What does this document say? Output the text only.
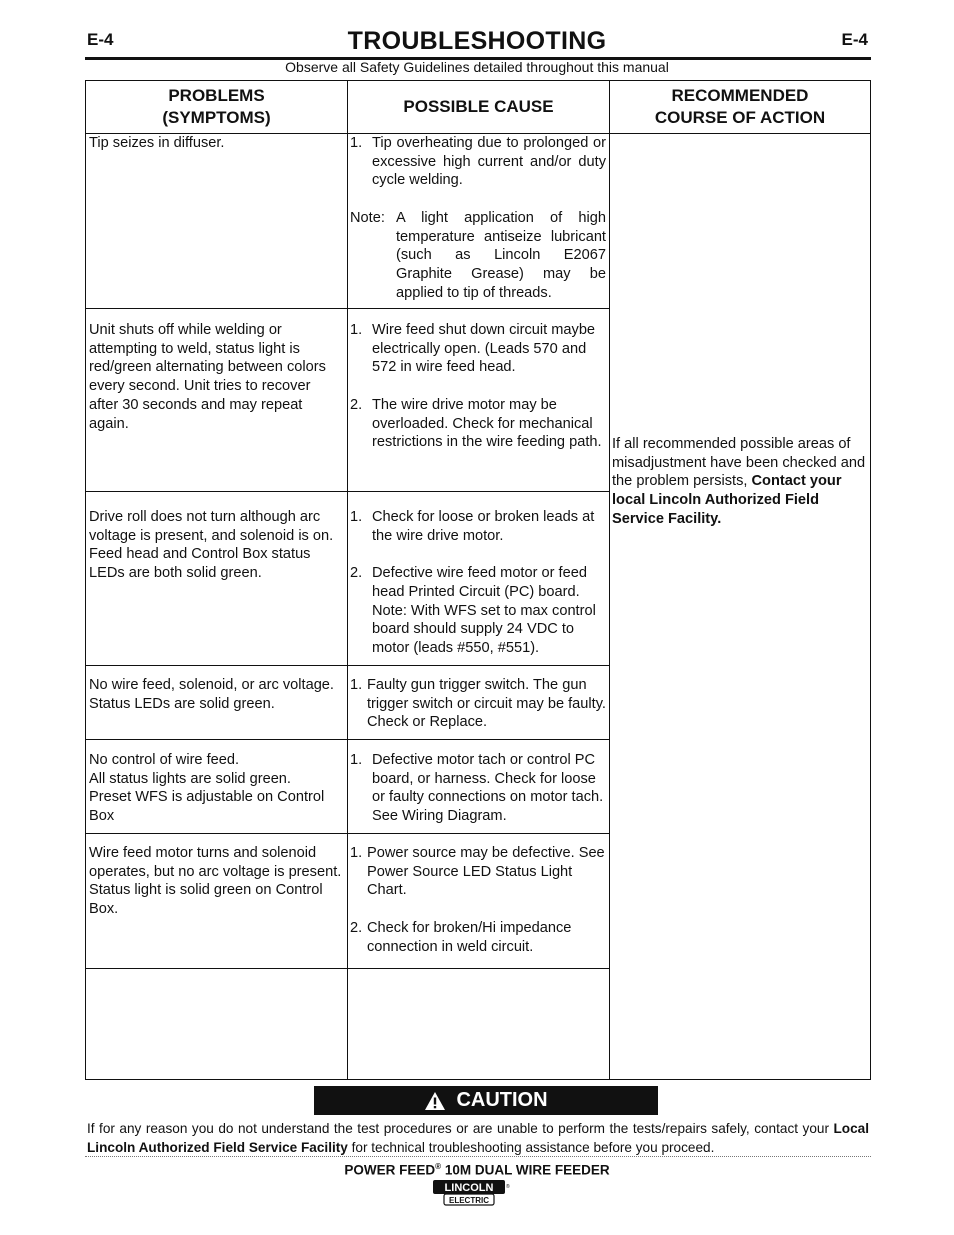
E-4	E-4
TROUBLESHOOTING
Observe all Safety Guidelines detailed throughout this manual
PROBLEMS
(SYMPTOMS)
POSSIBLE CAUSE
RECOMMENDED
COURSE OF ACTION
Tip seizes in diffuser.	1. Tip overheating due to prolonged or excessive high current and/or duty cycle welding.
Note: A light application of high temperature antiseize lubricant (such as Lincoln E2067 Graphite Grease) may be applied to tip of threads.
Unit shuts off while welding or attempting to weld, status light is red/green alternating between colors every second. Unit tries to recover after 30 seconds and may repeat again.
1. Wire feed shut down circuit maybe electrically open. (Leads 570 and 572 in wire feed head.
2. The wire drive motor may be overloaded. Check for mechanical restrictions in the wire feeding path.
Drive roll does not turn although arc voltage is present, and solenoid is on. Feed head and Control Box status LEDs are both solid green.
1. Check for loose or broken leads at the wire drive motor.
2. Defective wire feed motor or feed head Printed Circuit (PC) board. Note: With WFS set to max control board should supply 24 VDC to motor (leads #550, #551).
No wire feed, solenoid, or arc voltage. Status LEDs are solid green.
1. Faulty gun trigger switch. The gun trigger switch or circuit may be faulty. Check or Replace.
No control of wire feed.
All status lights are solid green.
Preset WFS is adjustable on Control Box
1. Defective motor tach or control PC board, or harness. Check for loose or faulty connections on motor tach. See Wiring Diagram.
Wire feed motor turns and solenoid operates, but no arc voltage is present. Status light is solid green on Control Box.
1. Power source may be defective. See Power Source LED Status Light Chart.
2. Check for broken/Hi impedance connection in weld circuit.
If all recommended possible areas of misadjustment have been checked and the problem persists, Contact your local Lincoln Authorized Field Service Facility.
CAUTION
If for any reason you do not understand the test procedures or are unable to perform the tests/repairs safely, contact your Local Lincoln Authorized Field Service Facility for technical troubleshooting assistance before you proceed.
POWER FEED® 10M DUAL WIRE FEEDER
LINCOLN
ELECTRIC
®
